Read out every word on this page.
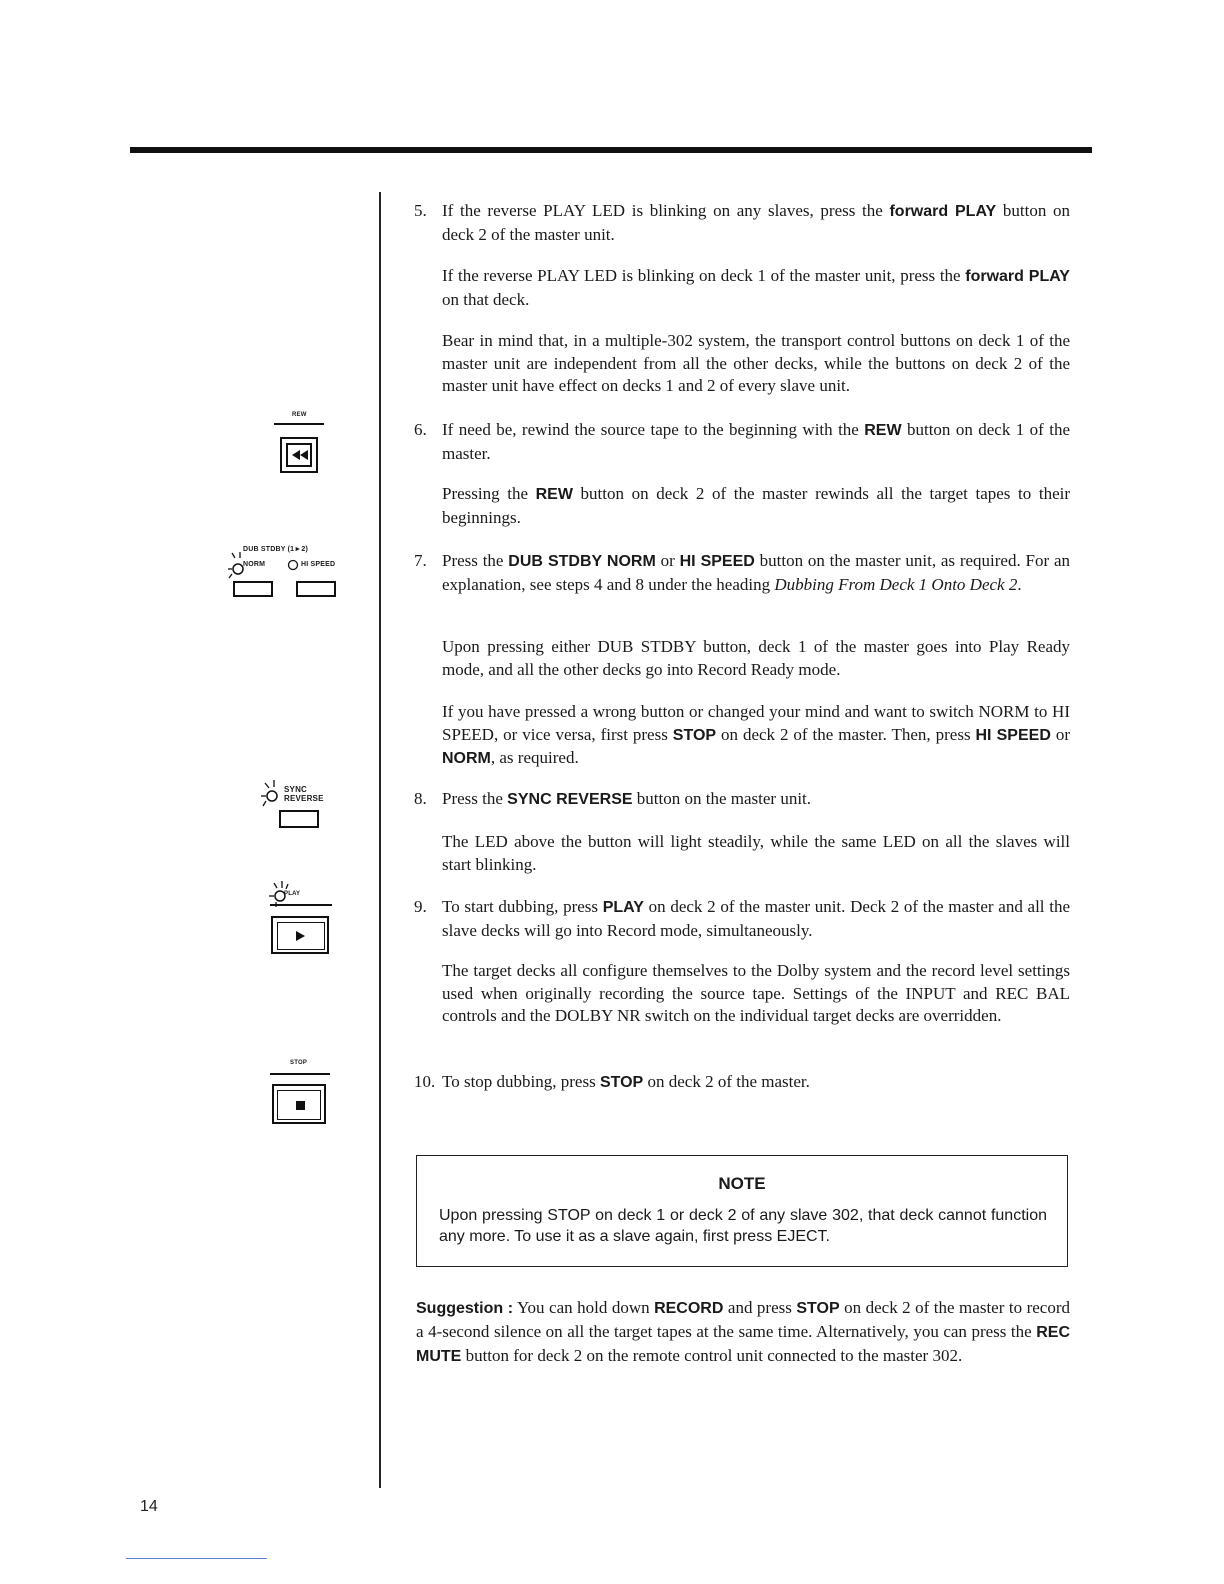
REW
DUB STDBY (1►2)
NORM	HI SPEED
SYNC
REVERSE
PLAY
STOP
5. If the reverse PLAY LED is blinking on any slaves, press the forward PLAY button on deck 2 of the master unit.

If the reverse PLAY LED is blinking on deck 1 of the master unit, press the forward PLAY on that deck.

Bear in mind that, in a multiple-302 system, the transport control buttons on deck 1 of the master unit are independent from all the other decks, while the buttons on deck 2 of the master unit have effect on decks 1 and 2 of every slave unit.

6. If need be, rewind the source tape to the beginning with the REW button on deck 1 of the master.

Pressing the REW button on deck 2 of the master rewinds all the target tapes to their beginnings.

7. Press the DUB STDBY NORM or HI SPEED button on the master unit, as required. For an explanation, see steps 4 and 8 under the heading Dubbing From Deck 1 Onto Deck 2.

Upon pressing either DUB STDBY button, deck 1 of the master goes into Play Ready mode, and all the other decks go into Record Ready mode.

If you have pressed a wrong button or changed your mind and want to switch NORM to HI SPEED, or vice versa, first press STOP on deck 2 of the master. Then, press HI SPEED or NORM, as required.

8. Press the SYNC REVERSE button on the master unit.

The LED above the button will light steadily, while the same LED on all the slaves will start blinking.

9. To start dubbing, press PLAY on deck 2 of the master unit. Deck 2 of the master and all the slave decks will go into Record mode, simultaneously.

The target decks all configure themselves to the Dolby system and the record level settings used when originally recording the source tape. Settings of the INPUT and REC BAL controls and the DOLBY NR switch on the individual target decks are overridden.

10. To stop dubbing, press STOP on deck 2 of the master.

NOTE
Upon pressing STOP on deck 1 or deck 2 of any slave 302, that deck cannot function any more. To use it as a slave again, first press EJECT.

Suggestion : You can hold down RECORD and press STOP on deck 2 of the master to record a 4-second silence on all the target tapes at the same time. Alternatively, you can press the REC MUTE button for deck 2 on the remote control unit connected to the master 302.

14
